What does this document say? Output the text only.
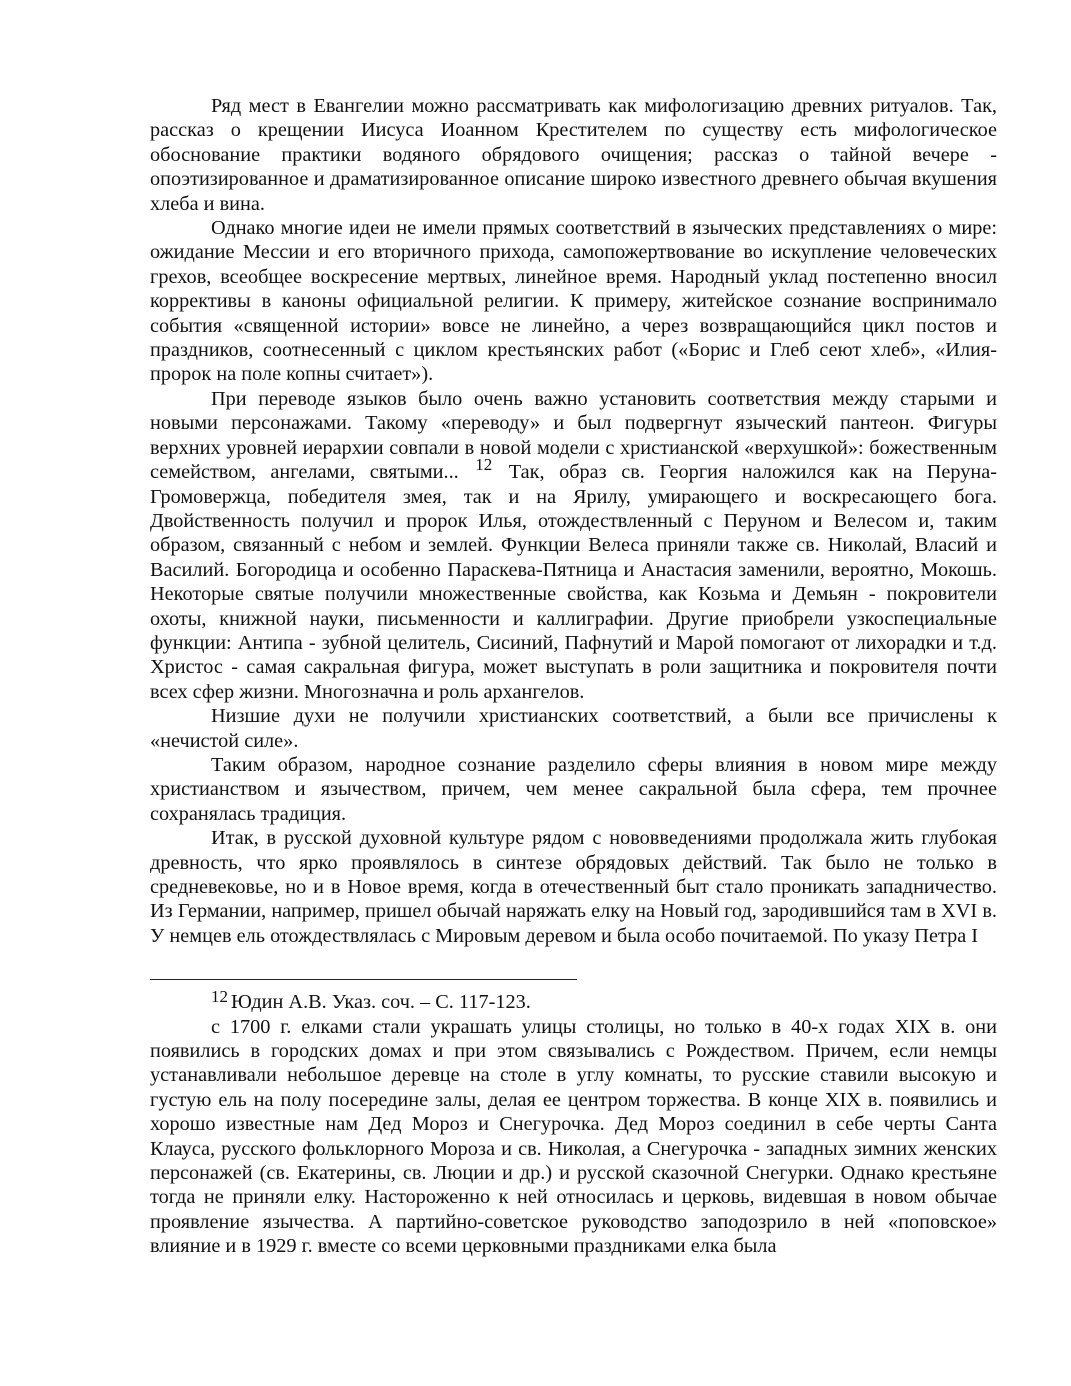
Ряд мест в Евангелии можно рассматривать как мифологизацию древних ритуалов. Так, рассказ о крещении Иисуса Иоанном Крестителем по существу есть мифологическое обоснование практики водяного обрядового очищения; рассказ о тайной вечере - опоэтизированное и драматизированное описание широко известного древнего обычая вкушения хлеба и вина.

Однако многие идеи не имели прямых соответствий в языческих представлениях о мире: ожидание Мессии и его вторичного прихода, самопожертвование во искупление человеческих грехов, всеобщее воскресение мертвых, линейное время. Народный уклад постепенно вносил коррективы в каноны официальной религии. К примеру, житейское сознание воспринимало события «священной истории» вовсе не линейно, а через возвращающийся цикл постов и праздников, соотнесенный с циклом крестьянских работ («Борис и Глеб сеют хлеб», «Илия-пророк на поле копны считает»).

При переводе языков было очень важно установить соответствия между старыми и новыми персонажами. Такому «переводу» и был подвергнут языческий пантеон. Фигуры верхних уровней иерархии совпали в новой модели с христианской «верхушкой»: божественным семейством, ангелами, святыми... $^{12}$ Так, образ св. Георгия наложился как на Перуна-Громовержца, победителя змея, так и на Ярилу, умирающего и воскресающего бога. Двойственность получил и пророк Илья, отождествленный с Перуном и Велесом и, таким образом, связанный с небом и землей. Функции Велеса приняли также св. Николай, Власий и Василий. Богородица и особенно Параскева-Пятница и Анастасия заменили, вероятно, Мокошь. Некоторые святые получили множественные свойства, как Козьма и Демьян - покровители охоты, книжной науки, письменности и каллиграфии. Другие приобрели узкоспециальные функции: Антипа - зубной целитель, Сисиний, Пафнутий и Марой помогают от лихорадки и т.д. Христос - самая сакральная фигура, может выступать в роли защитника и покровителя почти всех сфер жизни. Многозначна и роль архангелов.

Низшие духи не получили христианских соответствий, а были все причислены к «нечистой силе».

Таким образом, народное сознание разделило сферы влияния в новом мире между христианством и язычеством, причем, чем менее сакральной была сфера, тем прочнее сохранялась традиция.

Итак, в русской духовной культуре рядом с нововведениями продолжала жить глубокая древность, что ярко проявлялось в синтезе обрядовых действий. Так было не только в средневековье, но и в Новое время, когда в отечественный быт стало проникать западничество. Из Германии, например, пришел обычай наряжать елку на Новый год, зародившийся там в XVI в. У немцев ель отождествлялась с Мировым деревом и была особо почитаемой. По указу Петра I

$^{12}$ Юдин А.В. Указ. соч. – С. 117-123.

с 1700 г. елками стали украшать улицы столицы, но только в 40-х годах XIX в. они появились в городских домах и при этом связывались с Рождеством. Причем, если немцы устанавливали небольшое деревце на столе в углу комнаты, то русские ставили высокую и густую ель на полу посередине залы, делая ее центром торжества. В конце XIX в. появились и хорошо известные нам Дед Мороз и Снегурочка. Дед Мороз соединил в себе черты Санта Клауса, русского фольклорного Мороза и св. Николая, а Снегурочка - западных зимних женских персонажей (св. Екатерины, св. Люции и др.) и русской сказочной Снегурки. Однако крестьяне тогда не приняли елку. Настороженно к ней относилась и церковь, видевшая в новом обычае проявление язычества. А партийно-советское руководство заподозрило в ней «поповское» влияние и в 1929 г. вместе со всеми церковными праздниками елка была
